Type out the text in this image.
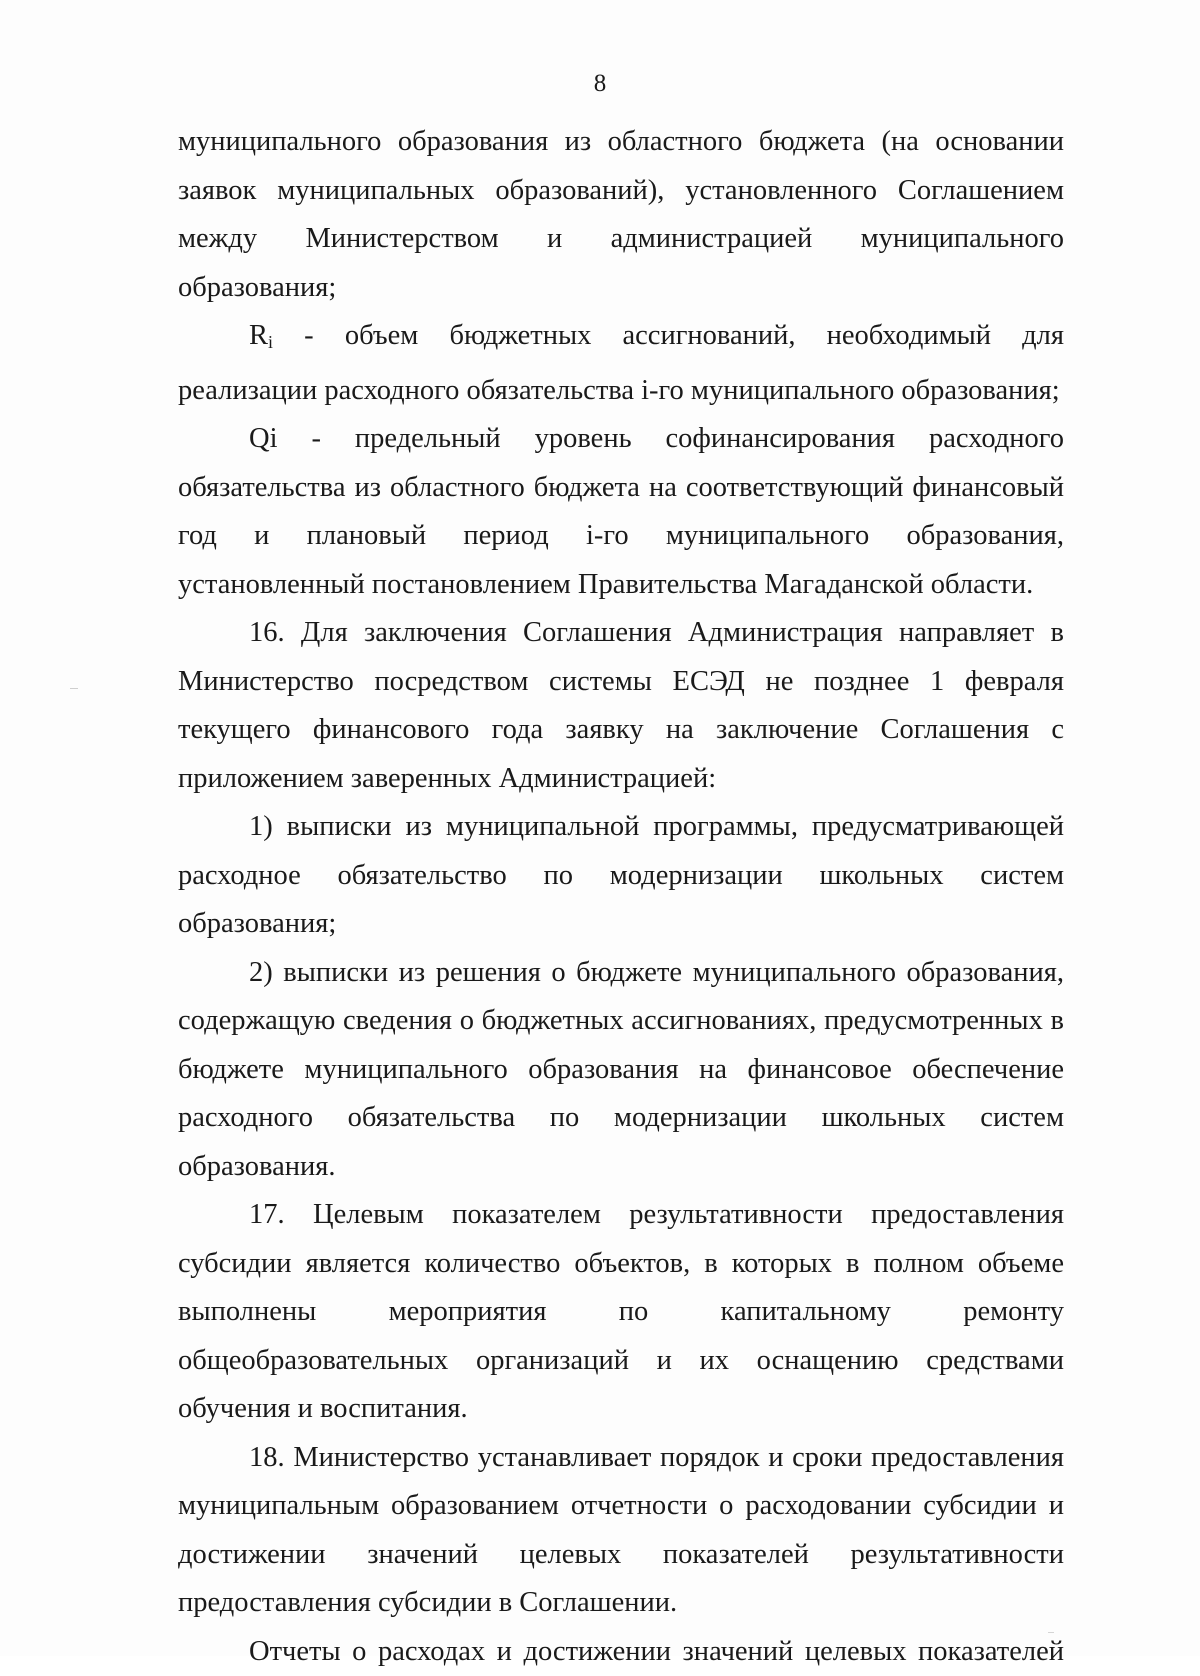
8

муниципального образования из областного бюджета (на основании заявок муниципальных образований), установленного Соглашением между Министерством и администрацией муниципального образования;

$R_i$ - объем бюджетных ассигнований, необходимый для реализации расходного обязательства i-го муниципального образования;

Qi - предельный уровень софинансирования расходного обязательства из областного бюджета на соответствующий финансовый год и плановый период i-го муниципального образования, установленный постановлением Правительства Магаданской области.

16. Для заключения Соглашения Администрация направляет в Министерство посредством системы ЕСЭД не позднее 1 февраля текущего финансового года заявку на заключение Соглашения с приложением заверенных Администрацией:

1) выписки из муниципальной программы, предусматривающей расходное обязательство по модернизации школьных систем образования;

2) выписки из решения о бюджете муниципального образования, содержащую сведения о бюджетных ассигнованиях, предусмотренных в бюджете муниципального образования на финансовое обеспечение расходного обязательства по модернизации школьных систем образования.

17. Целевым показателем результативности предоставления субсидии является количество объектов, в которых в полном объеме выполнены мероприятия по капитальному ремонту общеобразовательных организаций и их оснащению средствами обучения и воспитания.

18. Министерство устанавливает порядок и сроки предоставления муниципальным образованием отчетности о расходовании субсидии и достижении значений целевых показателей результативности предоставления субсидии в Соглашении.

Отчеты о расходах и достижении значений целевых показателей
